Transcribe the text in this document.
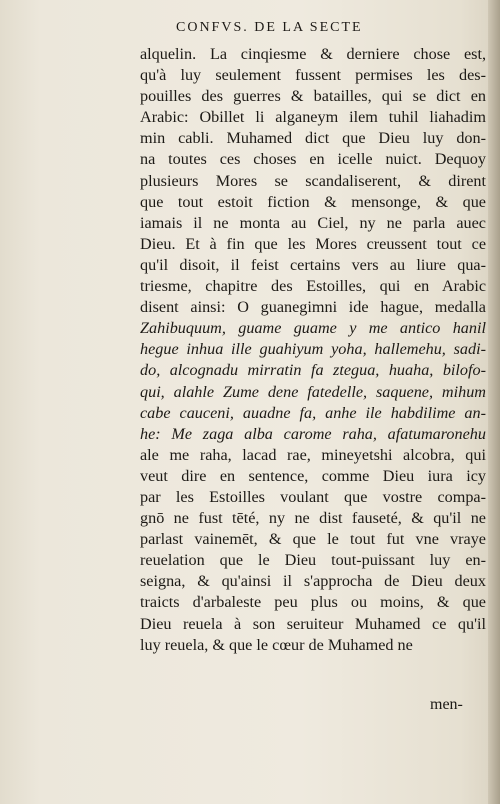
CONFVS. DE LA SECTE
alquelin. La cinqiesme & derniere chose est,
qu'à luy seulement fussent permises les des-
pouilles des guerres & batailles, qui se dict en
Arabic: Obillet li alganeym ilem tuhil liahadim
min cabli. Muhamed dict que Dieu luy don-
na toutes ces choses en icelle nuict. Dequoy
plusieurs Mores se scandaliserent, & dirent
que tout estoit fiction & mensonge, & que
iamais il ne monta au Ciel, ny ne parla auec
Dieu. Et à fin que les Mores creussent tout ce
qu'il disoit, il feist certains vers au liure qua-
triesme, chapitre des Estoilles, qui en Arabic
disent ainsi: O guanegimni ide hague, medalla
Zahibuquum, guame guame y me antico hanil
hegue inhua ille guahiyum yoha, hallemehu, sadi-
do, alcognadu mirratin fa ztegua, huaha, bilofo-
qui, alahle Zume dene fatedelle, saquene, mihum
cabe cauceni, auadne fa, anhe ile habdilime an-
he: Me zaga alba carome raha, afatumaronehu
ale me raha, lacad rae, mineyetshi alcobra, qui
veut dire en sentence, comme Dieu iura icy
par les Estoilles voulant que vostre compa-
gnō ne fust tēté, ny ne dist fauseté, & qu'il ne
parlast vainemēt, & que le tout fut vne vraye
reuelation que le Dieu tout-puissant luy en-
seigna, & qu'ainsi il s'approcha de Dieu deux
traicts d'arbaleste peu plus ou moins, & que
Dieu reuela à son seruiteur Muhamed ce qu'il
luy reuela, & que le cœur de Muhamed ne
men-
